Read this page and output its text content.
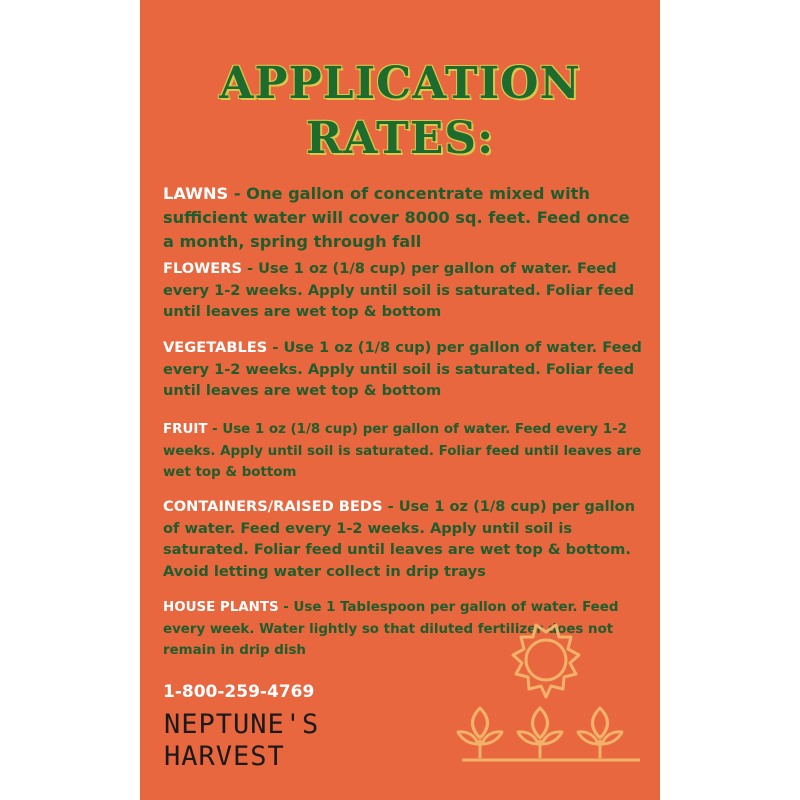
APPLICATION
RATES:
LAWNS - One gallon of concentrate mixed with sufficient water will cover 8000 sq. feet. Feed once a month, spring through fall
FLOWERS - Use 1 oz (1/8 cup) per gallon of water. Feed every 1-2 weeks. Apply until soil is saturated. Foliar feed until leaves are wet top & bottom
VEGETABLES - Use 1 oz (1/8 cup) per gallon of water. Feed every 1-2 weeks. Apply until soil is saturated. Foliar feed until leaves are wet top & bottom
FRUIT - Use 1 oz (1/8 cup) per gallon of water. Feed every 1-2 weeks. Apply until soil is saturated. Foliar feed until leaves are wet top & bottom
CONTAINERS/RAISED BEDS - Use 1 oz (1/8 cup) per gallon of water. Feed every 1-2 weeks. Apply until soil is saturated. Foliar feed until leaves are wet top & bottom. Avoid letting water collect in drip trays
HOUSE PLANTS - Use 1 Tablespoon per gallon of water. Feed every week. Water lightly so that diluted fertilizer does not remain in drip dish
1-800-259-4769
NEPTUNE'S
HARVEST
